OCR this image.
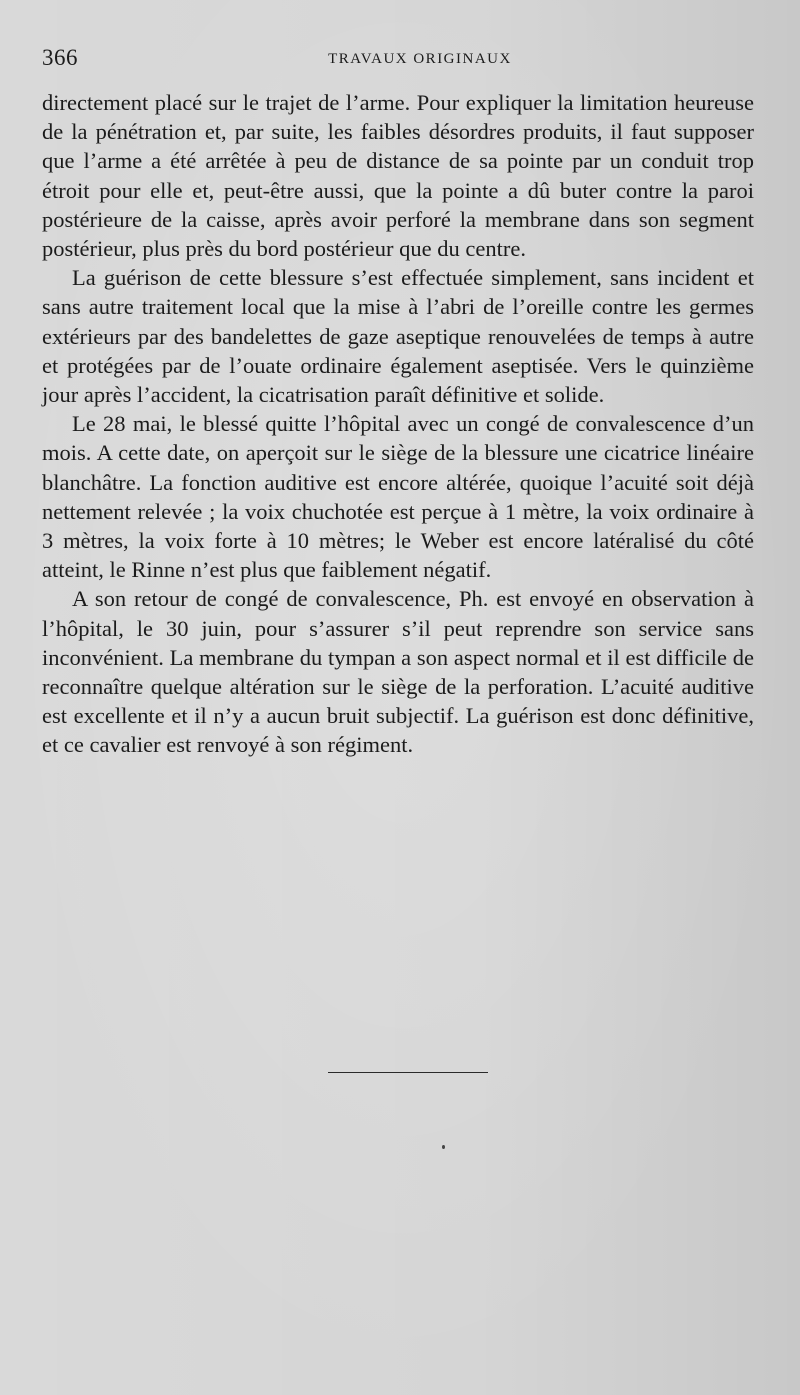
366	TRAVAUX ORIGINAUX

directement placé sur le trajet de l’arme. Pour expliquer la limitation heureuse de la pénétration et, par suite, les faibles désordres produits, il faut supposer que l’arme a été arrêtée à peu de distance de sa pointe par un conduit trop étroit pour elle et, peut-être aussi, que la pointe a dû buter contre la paroi postérieure de la caisse, après avoir perforé la membrane dans son segment postérieur, plus près du bord postérieur que du centre.

La guérison de cette blessure s’est effectuée simplement, sans incident et sans autre traitement local que la mise à l’abri de l’oreille contre les germes extérieurs par des bandelettes de gaze aseptique renouvelées de temps à autre et protégées par de l’ouate ordinaire également aseptisée. Vers le quinzième jour après l’accident, la cicatrisation paraît définitive et solide.

Le 28 mai, le blessé quitte l’hôpital avec un congé de convalescence d’un mois. A cette date, on aperçoit sur le siège de la blessure une cicatrice linéaire blanchâtre. La fonction auditive est encore altérée, quoique l’acuité soit déjà nettement relevée ; la voix chuchotée est perçue à 1 mètre, la voix ordinaire à 3 mètres, la voix forte à 10 mètres; le Weber est encore latéralisé du côté atteint, le Rinne n’est plus que faiblement négatif.

A son retour de congé de convalescence, Ph. est envoyé en observation à l’hôpital, le 30 juin, pour s’assurer s’il peut reprendre son service sans inconvénient. La membrane du tympan a son aspect normal et il est difficile de reconnaître quelque altération sur le siège de la perforation. L’acuité auditive est excellente et il n’y a aucun bruit subjectif. La guérison est donc définitive, et ce cavalier est renvoyé à son régiment.
